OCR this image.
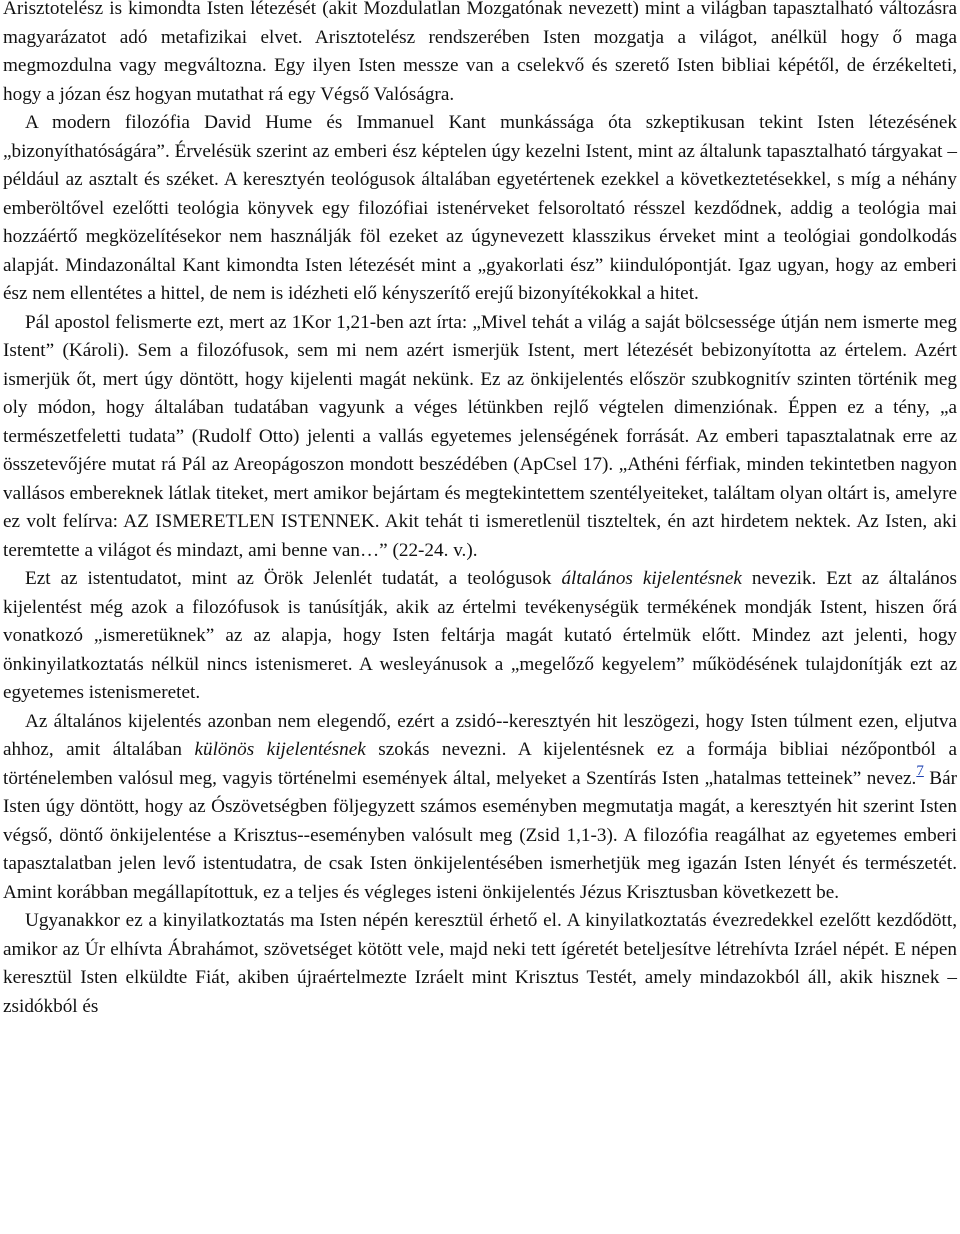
Arisztotelész is kimondta Isten létezését (akit Mozdulatlan Mozgatónak nevezett) mint a világban tapasztalható változásra magyarázatot adó metafizikai elvet. Arisztotelész rendszerében Isten mozgatja a világot, anélkül hogy ő maga megmozdulna vagy megváltozna. Egy ilyen Isten messze van a cselekvő és szerető Isten bibliai képétől, de érzékelteti, hogy a józan ész hogyan mutathat rá egy Végső Valóságra.

A modern filozófia David Hume és Immanuel Kant munkássága óta szkeptikusan tekint Isten létezésének „bizonyíthatóságára”. Érvelésük szerint az emberi ész képtelen úgy kezelni Istent, mint az általunk tapasztalható tárgyakat – például az asztalt és széket. A keresztyén teológusok általában egyetértenek ezekkel a következtetésekkel, s míg a néhány emberöltővel ezelőtti teológia könyvek egy filozófiai istenérveket felsoroltató résszel kezdődnek, addig a teológia mai hozzáértő megközelítésekor nem használják föl ezeket az úgynevezett klasszikus érveket mint a teológiai gondolkodás alapját. Mindazonáltal Kant kimondta Isten létezését mint a „gyakorlati ész” kiindulópontját. Igaz ugyan, hogy az emberi ész nem ellentétes a hittel, de nem is idézheti elő kényszerítő erejű bizonyítékokkal a hitet.

Pál apostol felismerte ezt, mert az 1Kor 1,21-ben azt írta: „Mivel tehát a világ a saját bölcsessége útján nem ismerte meg Istent” (Károli). Sem a filozófusok, sem mi nem azért ismerjük Istent, mert létezését bebizonyította az értelem. Azért ismerjük őt, mert úgy döntött, hogy kijelenti magát nekünk. Ez az önkijelentés először szubkognitív szinten történik meg oly módon, hogy általában tudatában vagyunk a véges létünkben rejlő végtelen dimenziónak. Éppen ez a tény, „a természetfeletti tudata” (Rudolf Otto) jelenti a vallás egyetemes jelenségének forrását. Az emberi tapasztalatnak erre az összetevőjére mutat rá Pál az Areopágoszon mondott beszédében (ApCsel 17). „Athéni férfiak, minden tekintetben nagyon vallásos embereknek látlak titeket, mert amikor bejártam és megtekintettem szentélyeiteket, találtam olyan oltárt is, amelyre ez volt felírva: AZ ISMERETLEN ISTENNEK. Akit tehát ti ismeretlenül tiszteltek, én azt hirdetem nektek. Az Isten, aki teremtette a világot és mindazt, ami benne van…” (22-24. v.).

Ezt az istentudatot, mint az Örök Jelenlét tudatát, a teológusok általános kijelentésnek nevezik. Ezt az általános kijelentést még azok a filozófusok is tanúsítják, akik az értelmi tevékenységük termékének mondják Istent, hiszen őrá vonatkozó „ismeretüknek” az az alapja, hogy Isten feltárja magát kutató értelmük előtt. Mindez azt jelenti, hogy önkinyilatkoztatás nélkül nincs istenismeret. A wesleyánusok a „megelőző kegyelem” működésének tulajdonítják ezt az egyetemes istenismeretet.

Az általános kijelentés azonban nem elegendő, ezért a zsidó--keresztyén hit leszögezi, hogy Isten túlment ezen, eljutva ahhoz, amit általában különös kijelentésnek szokás nevezni. A kijelentésnek ez a formája bibliai nézőpontból a történelemben valósul meg, vagyis történelmi események által, melyeket a Szentírás Isten „hatalmas tetteinek” nevez.$^7$ Bár Isten úgy döntött, hogy az Ószövetségben följegyzett számos eseményben megmutatja magát, a keresztyén hit szerint Isten végső, döntő önkijelentése a Krisztus--eseményben valósult meg (Zsid 1,1-3). A filozófia reagálhat az egyetemes emberi tapasztalatban jelen levő istentudatra, de csak Isten önkijelentésében ismerhetjük meg igazán Isten lényét és természetét. Amint korábban megállapítottuk, ez a teljes és végleges isteni önkijelentés Jézus Krisztusban következett be.

Ugyanakkor ez a kinyilatkoztatás ma Isten népén keresztül érhető el. A kinyilatkoztatás évezredekkel ezelőtt kezdődött, amikor az Úr elhívta Ábrahámot, szövetséget kötött vele, majd neki tett ígéretét beteljesítve létrehívta Izráel népét. E népen keresztül Isten elküldte Fiát, akiben újraértelmezte Izráelt mint Krisztus Testét, amely mindazokból áll, akik hisznek – zsidókból és
